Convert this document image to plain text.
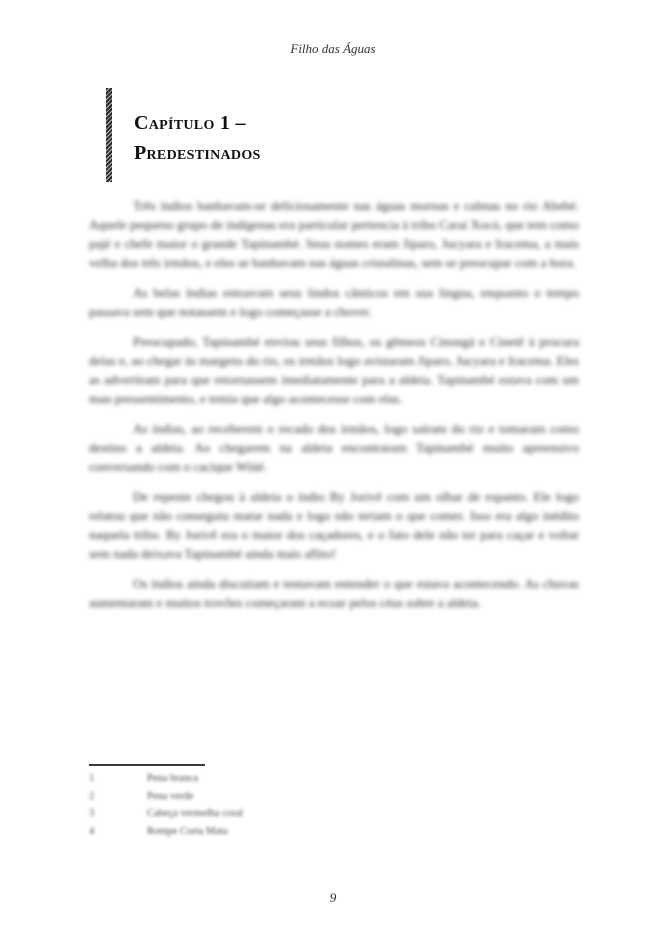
Filho das Águas
Capítulo 1 –
Predestinados

Três índios banhavam-se deliciosamente nas águas mornas e calmas no rio Abebé. Aquele pequeno grupo de indígenas era particular pertencia à tribo Carai Xocó, que tem como pajé e chefe maior o grande Tapinambé. Seus nomes eram Jiparo, Jucyara e Iracema, a mais velha dos três irmãos, e eles se banhavam nas águas cristalinas, sem se preocupar com a hora.

As belas índias entoavam seus lindos cânticos em sua língua, enquanto o tempo passava sem que notassem e logo começasse a chover.

Preocupado, Tapinambé enviou seus filhos, os gêmeos Cinongá e Cinetê à procura delas e, ao chegar às margens do rio, os irmãos logo avistaram Jiparo, Jucyara e Iracema. Eles as advertiram para que retornassem imediatamente para a aldeia. Tapinambé estava com um mau pressentimento, e temia que algo acontecesse com elas.

As índias, ao receberem o recado dos irmãos, logo saíram do rio e tomaram como destino a aldeia. Ao chegarem na aldeia encontraram Tapinambé muito apreensivo conversando com o cacique Wiúé.

De repente chegou à aldeia o índio By Jorivê com um olhar de espanto. Ele logo relatou que não conseguiu matar nada e logo não teriam o que comer. Isso era algo inédito naquela tribo. By Jorivê era o maior dos caçadores, e o fato dele não ter para caçar e voltar sem nada deixava Tapinambé ainda mais aflito!

Os índios ainda discutiam e tentavam entender o que estava acontecendo. As chuvas aumentaram e muitos trovões começaram a ecoar pelos céus sobre a aldeia.

1	Pena branca
2	Pena verde
3	Cabeça vermelha coral
4	Rompe Corta Mata
9
